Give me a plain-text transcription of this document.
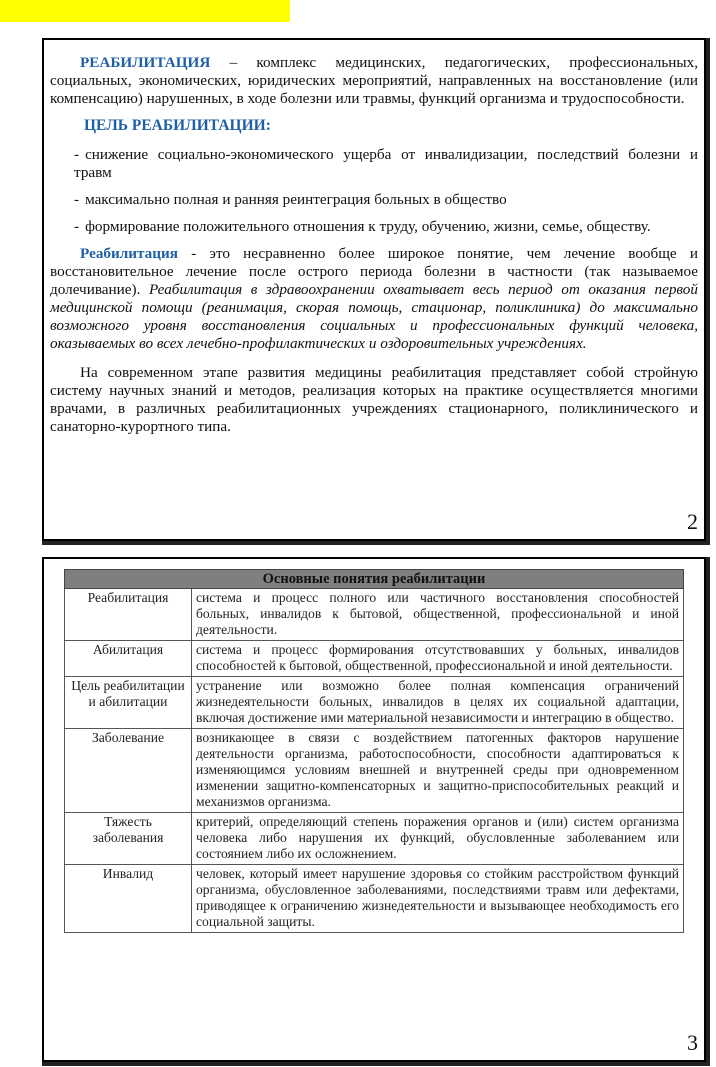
РЕАБИЛИТАЦИЯ – комплекс медицинских, педагогических, профессиональных, социальных, экономических, юридических мероприятий, направленных на восстановление (или компенсацию) нарушенных, в ходе болезни или травмы, функций организма и трудоспособности.

ЦЕЛЬ РЕАБИЛИТАЦИИ:
- снижение социально-экономического ущерба от инвалидизации, последствий болезни и травм
- максимально полная и ранняя реинтеграция больных в общество
- формирование положительного отношения к труду, обучению, жизни, семье, обществу.

Реабилитация - это несравненно более широкое понятие, чем лечение вообще и восстановительное лечение после острого периода болезни в частности (так называемое долечивание). Реабилитация в здравоохранении охватывает весь период от оказания первой медицинской помощи (реанимация, скорая помощь, стационар, поликлиника) до максимально возможного уровня восстановления социальных и профессиональных функций человека, оказываемых во всех лечебно-профилактических и оздоровительных учреждениях.

На современном этапе развития медицины реабилитация представляет собой стройную систему научных знаний и методов, реализация которых на практике осуществляется многими врачами, в различных реабилитационных учреждениях стационарного, поликлинического и санаторно-курортного типа.

2
Основные понятия реабилитации	
Реабилитация	система и процесс полного или частичного восстановления способностей больных, инвалидов к бытовой, общественной, профессиональной и иной деятельности.
Абилитация	система и процесс формирования отсутствовавших у больных, инвалидов способностей к бытовой, общественной, профессиональной и иной деятельности.
Цель реабилитации и абилитации	устранение или возможно более полная компенсация ограничений жизнедеятельности больных, инвалидов в целях их социальной адаптации, включая достижение ими материальной независимости и интеграцию в общество.
Заболевание	возникающее в связи с воздействием патогенных факторов нарушение деятельности организма, работоспособности, способности адаптироваться к изменяющимся условиям внешней и внутренней среды при одновременном изменении защитно-компенсаторных и защитно-приспособительных реакций и механизмов организма.
Тяжесть заболевания	критерий, определяющий степень поражения органов и (или) систем организма человека либо нарушения их функций, обусловленные заболеванием или состоянием либо их осложнением.
Инвалид	человек, который имеет нарушение здоровья со стойким расстройством функций организма, обусловленное заболеваниями, последствиями травм или дефектами, приводящее к ограничению жизнедеятельности и вызывающее необходимость его социальной защиты.
3
